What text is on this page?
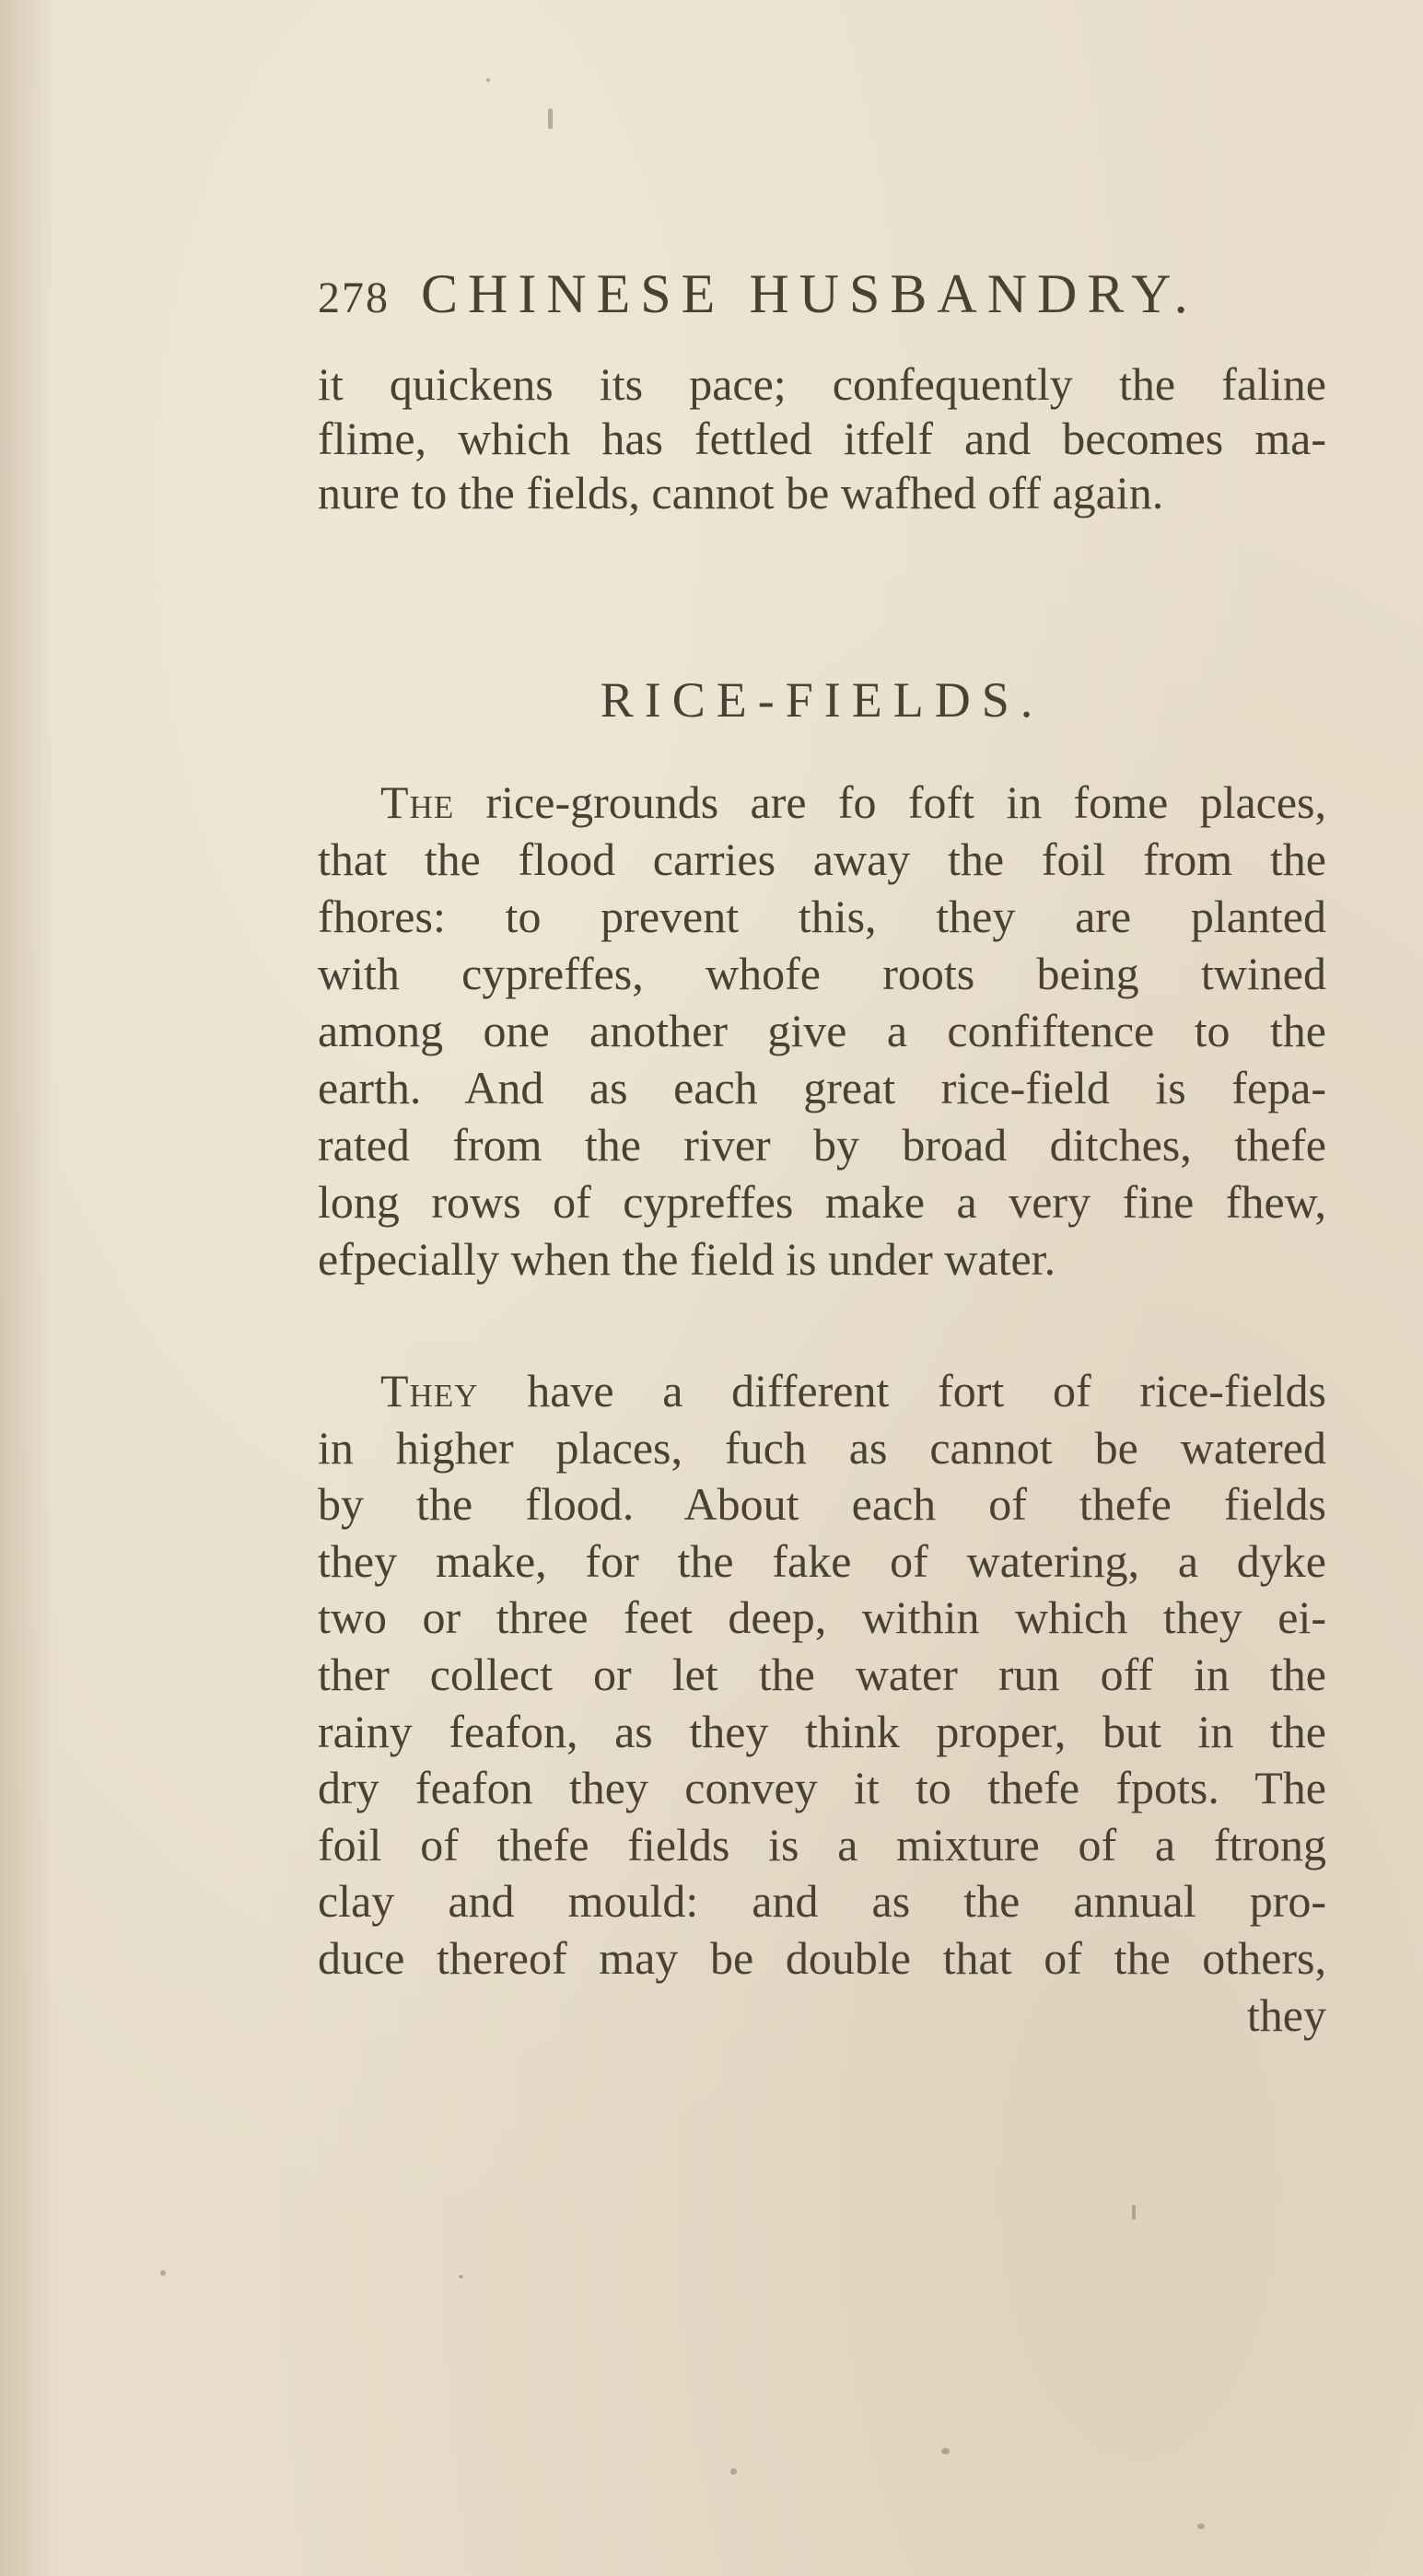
278 CHINESE HUSBANDRY.
it quickens its pace; confequently the faline
flime, which has fettled itfelf and becomes ma-
nure to the fields, cannot be wafhed off again.
RICE-FIELDS.
The rice-grounds are fo foft in fome places,
that the flood carries away the foil from the
fhores: to prevent this, they are planted
with cypreffes, whofe roots being twined
among one another give a confiftence to the
earth. And as each great rice-field is fepa-
rated from the river by broad ditches, thefe
long rows of cypreffes make a very fine fhew,
efpecially when the field is under water.
They have a different fort of rice-fields
in higher places, fuch as cannot be watered
by the flood. About each of thefe fields
they make, for the fake of watering, a dyke
two or three feet deep, within which they ei-
ther collect or let the water run off in the
rainy feafon, as they think proper, but in the
dry feafon they convey it to thefe fpots. The
foil of thefe fields is a mixture of a ftrong
clay and mould: and as the annual pro-
duce thereof may be double that of the others,
they
